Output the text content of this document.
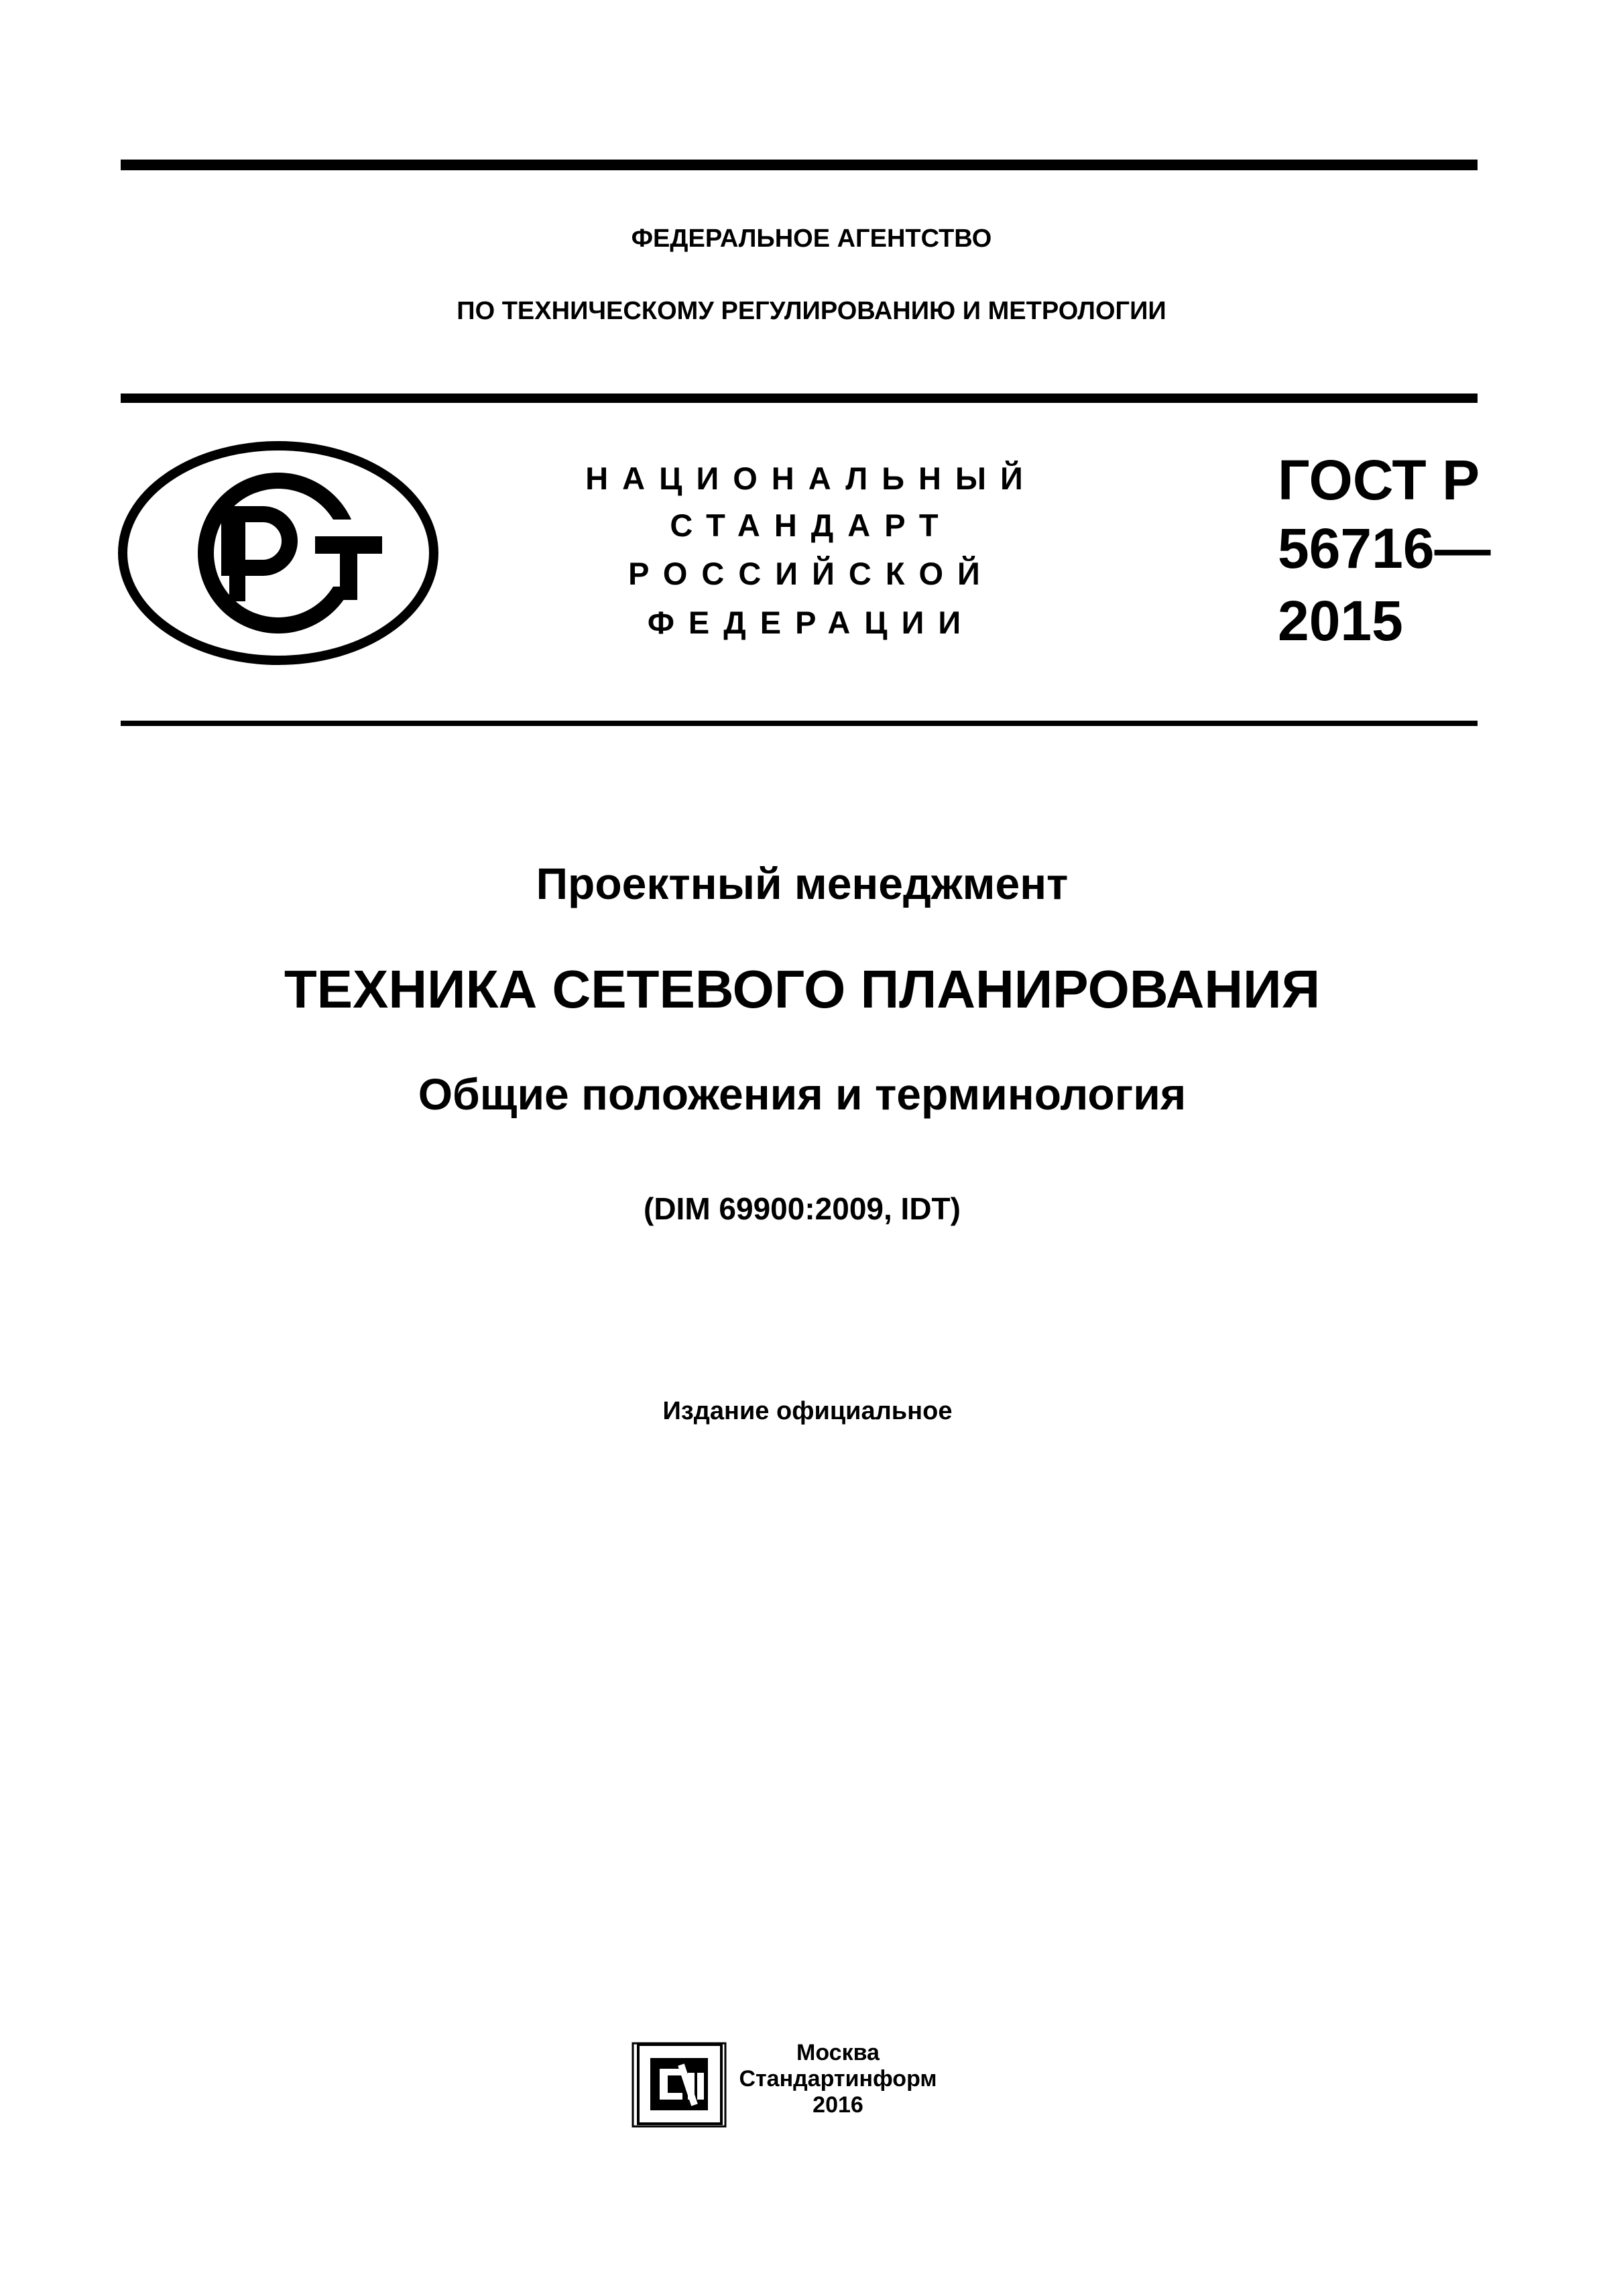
ФЕДЕРАЛЬНОЕ АГЕНТСТВО
ПО ТЕХНИЧЕСКОМУ РЕГУЛИРОВАНИЮ И МЕТРОЛОГИИ
НАЦИОНАЛЬНЫЙ
СТАНДАРТ
РОССИЙСКОЙ
ФЕДЕРАЦИИ
ГОСТ Р
56716—
2015
Проектный менеджмент
ТЕХНИКА СЕТЕВОГО ПЛАНИРОВАНИЯ
Общие положения и терминология
(DIM 69900:2009, IDT)
Издание официальное
Москва
Стандартинформ
2016
